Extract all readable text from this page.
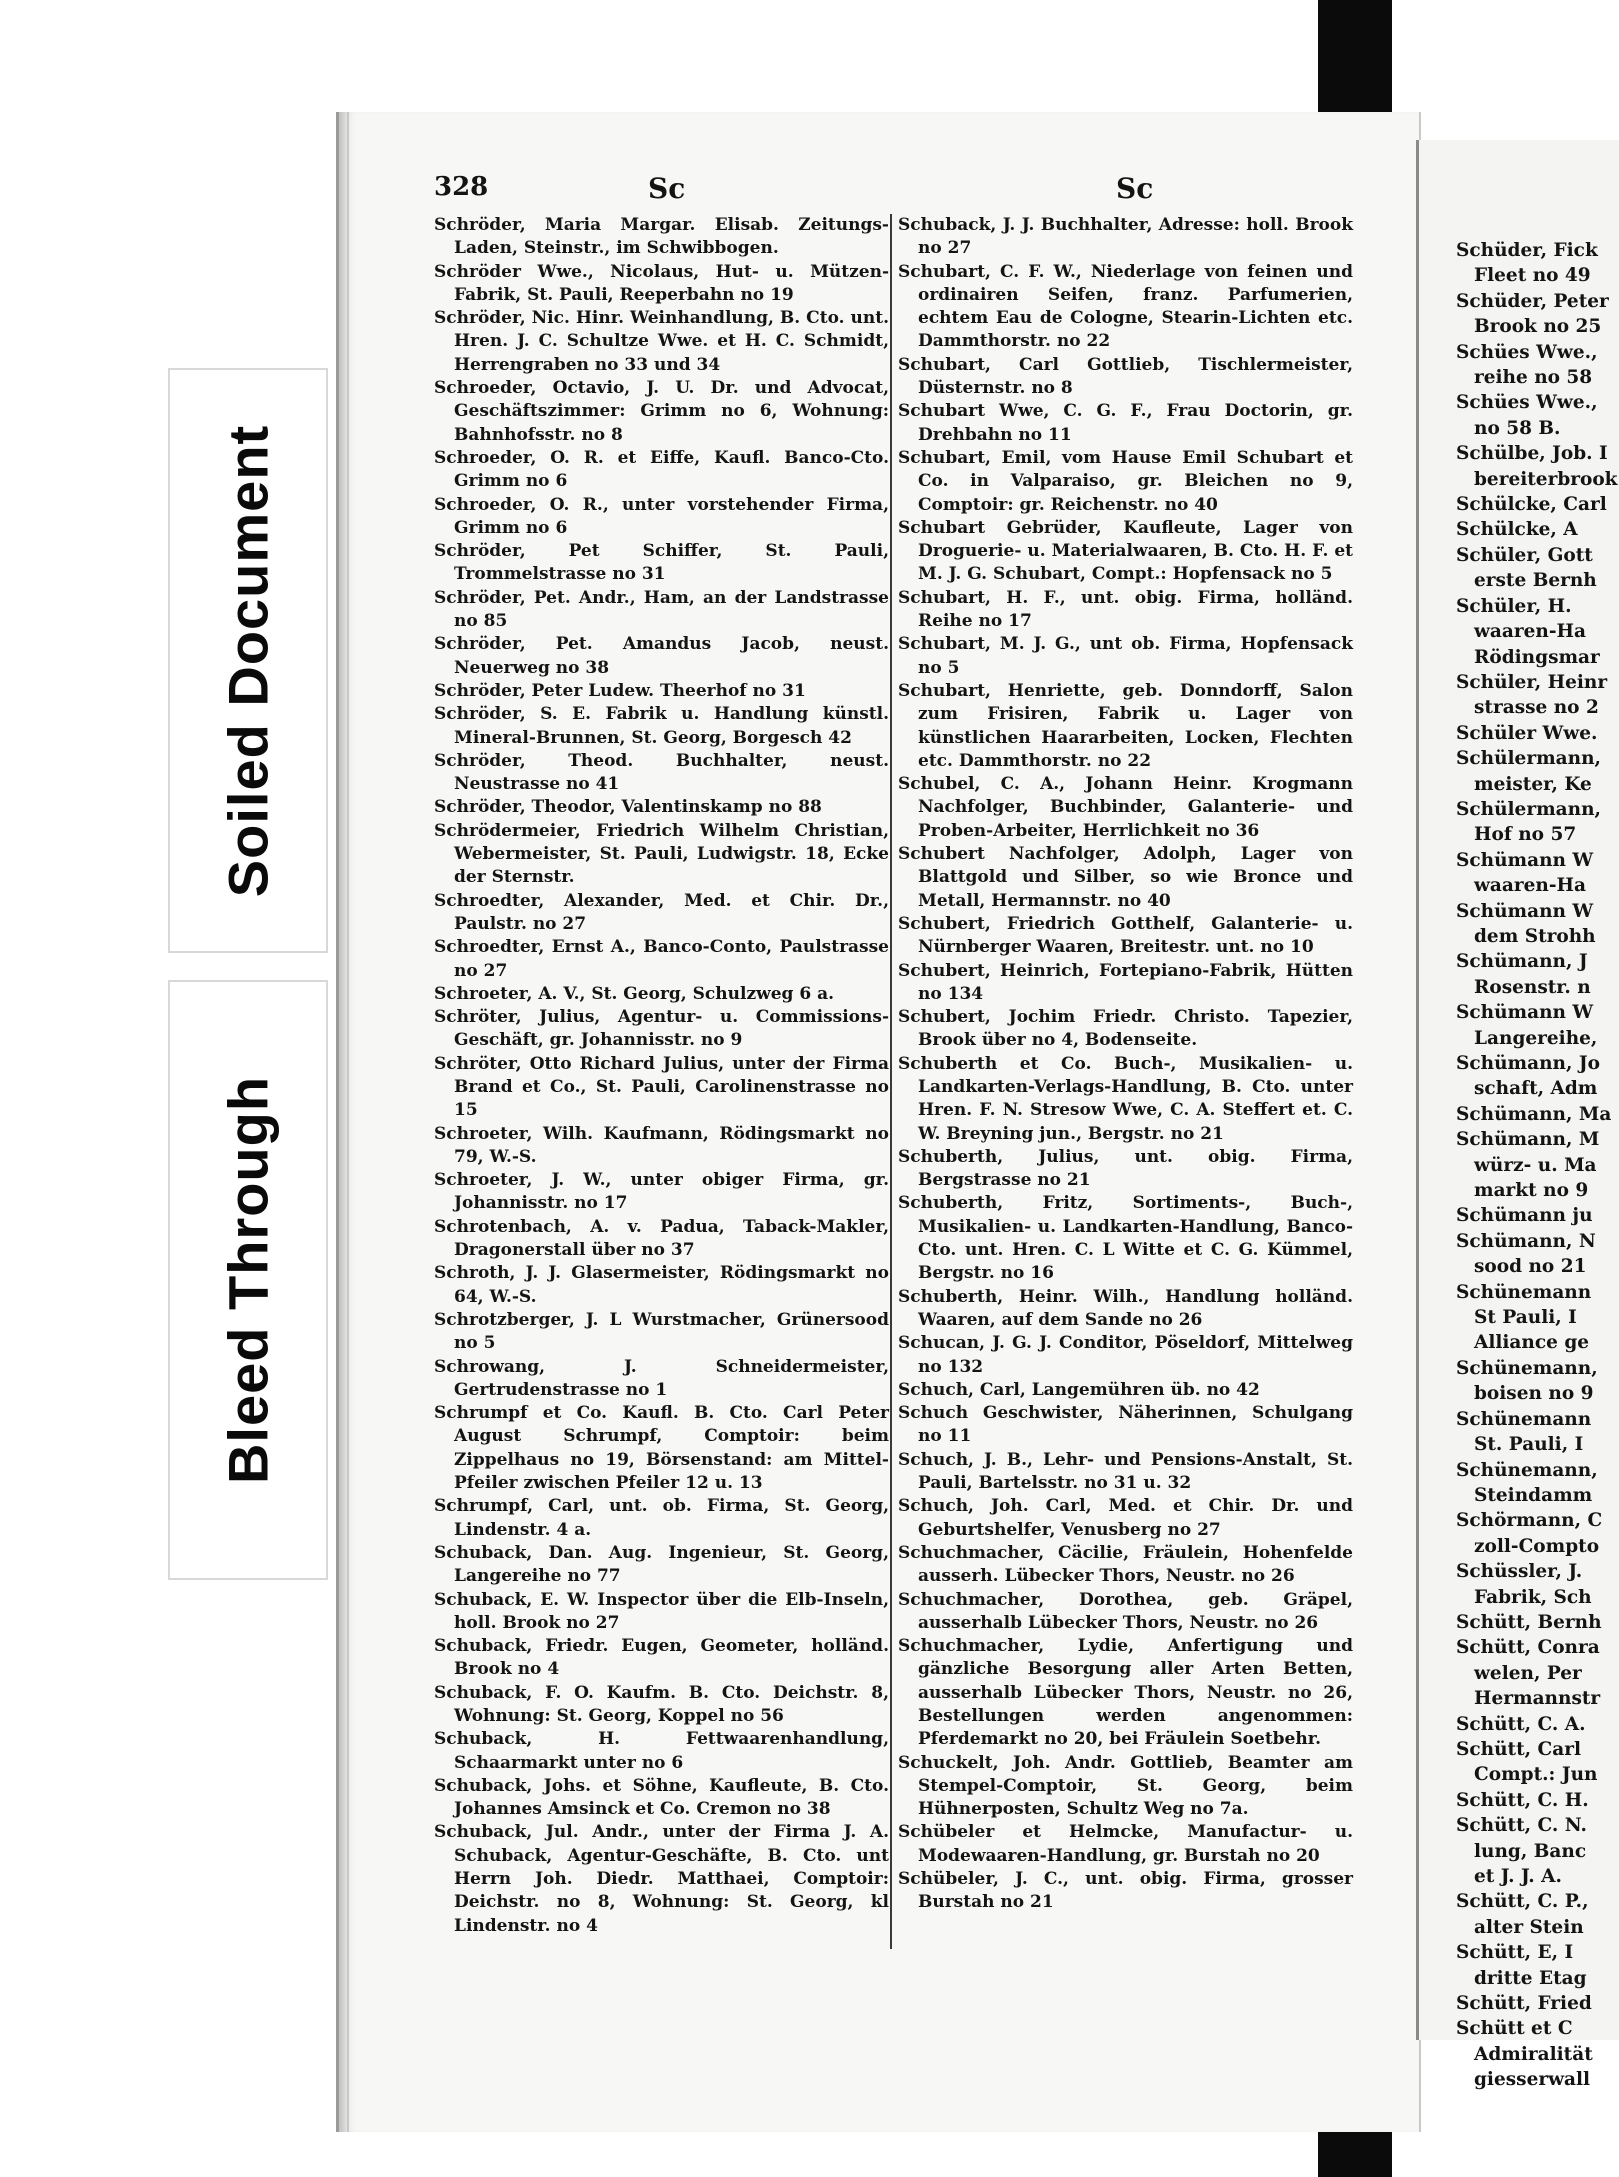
Soiled Document
Bleed Through
328	Sc	Sc

Schröder, Maria Margar. Elisab. Zeitungs-Laden, Steinstr., im Schwibbogen.

Schröder Wwe., Nicolaus, Hut- u. Mützen-Fabrik, St. Pauli, Reeperbahn no 19

Schröder, Nic. Hinr. Weinhandlung, B. Cto. unt. Hren. J. C. Schultze Wwe. et H. C. Schmidt, Herrengraben no 33 und 34

Schroeder, Octavio, J. U. Dr. und Advocat, Geschäftszimmer: Grimm no 6, Wohnung: Bahnhofsstr. no 8

Schroeder, O. R. et Eiffe, Kaufl. Banco-Cto. Grimm no 6

Schroeder, O. R., unter vorstehender Firma, Grimm no 6

Schröder, Pet Schiffer, St. Pauli, Trommelstrasse no 31

Schröder, Pet. Andr., Ham, an der Landstrasse no 85

Schröder, Pet. Amandus Jacob, neust. Neuerweg no 38

Schröder, Peter Ludew. Theerhof no 31

Schröder, S. E. Fabrik u. Handlung künstl. Mineral-Brunnen, St. Georg, Borgesch 42

Schröder, Theod. Buchhalter, neust. Neustrasse no 41

Schröder, Theodor, Valentinskamp no 88

Schrödermeier, Friedrich Wilhelm Christian, Webermeister, St. Pauli, Ludwigstr. 18, Ecke der Sternstr.

Schroedter, Alexander, Med. et Chir. Dr., Paulstr. no 27

Schroedter, Ernst A., Banco-Conto, Paulstrasse no 27

Schroeter, A. V., St. Georg, Schulzweg 6 a.

Schröter, Julius, Agentur- u. Commissions-Geschäft, gr. Johannisstr. no 9

Schröter, Otto Richard Julius, unter der Firma Brand et Co., St. Pauli, Carolinenstrasse no 15

Schroeter, Wilh. Kaufmann, Rödingsmarkt no 79, W.-S.

Schroeter, J. W., unter obiger Firma, gr. Johannisstr. no 17

Schrotenbach, A. v. Padua, Taback-Makler, Dragonerstall über no 37

Schroth, J. J. Glasermeister, Rödingsmarkt no 64, W.-S.

Schrotzberger, J. L Wurstmacher, Grünersood no 5

Schrowang, J. Schneidermeister, Gertrudenstrasse no 1

Schrumpf et Co. Kaufl. B. Cto. Carl Peter August Schrumpf, Comptoir: beim Zippelhaus no 19, Börsenstand: am Mittel-Pfeiler zwischen Pfeiler 12 u. 13

Schrumpf, Carl, unt. ob. Firma, St. Georg, Lindenstr. 4 a.

Schuback, Dan. Aug. Ingenieur, St. Georg, Langereihe no 77

Schuback, E. W. Inspector über die Elb-Inseln, holl. Brook no 27

Schuback, Friedr. Eugen, Geometer, holländ. Brook no 4

Schuback, F. O. Kaufm. B. Cto. Deichstr. 8, Wohnung: St. Georg, Koppel no 56

Schuback, H. Fettwaarenhandlung, Schaarmarkt unter no 6

Schuback, Johs. et Söhne, Kaufleute, B. Cto. Johannes Amsinck et Co. Cremon no 38

Schuback, Jul. Andr., unter der Firma J. A. Schuback, Agentur-Geschäfte, B. Cto. unt Herrn Joh. Diedr. Matthaei, Comptoir: Deichstr. no 8, Wohnung: St. Georg, kl Lindenstr. no 4

Schuback, J. J. Buchhalter, Adresse: holl. Brook no 27

Schubart, C. F. W., Niederlage von feinen und ordinairen Seifen, franz. Parfumerien, echtem Eau de Cologne, Stearin-Lichten etc. Dammthorstr. no 22

Schubart, Carl Gottlieb, Tischlermeister, Düsternstr. no 8

Schubart Wwe, C. G. F., Frau Doctorin, gr. Drehbahn no 11

Schubart, Emil, vom Hause Emil Schubart et Co. in Valparaiso, gr. Bleichen no 9, Comptoir: gr. Reichenstr. no 40

Schubart Gebrüder, Kaufleute, Lager von Droguerie- u. Materialwaaren, B. Cto. H. F. et M. J. G. Schubart, Compt.: Hopfensack no 5

Schubart, H. F., unt. obig. Firma, holländ. Reihe no 17

Schubart, M. J. G., unt ob. Firma, Hopfensack no 5

Schubart, Henriette, geb. Donndorff, Salon zum Frisiren, Fabrik u. Lager von künstlichen Haararbeiten, Locken, Flechten etc. Dammthorstr. no 22

Schubel, C. A., Johann Heinr. Krogmann Nachfolger, Buchbinder, Galanterie- und Proben-Arbeiter, Herrlichkeit no 36

Schubert Nachfolger, Adolph, Lager von Blattgold und Silber, so wie Bronce und Metall, Hermannstr. no 40

Schubert, Friedrich Gotthelf, Galanterie- u. Nürnberger Waaren, Breitestr. unt. no 10

Schubert, Heinrich, Fortepiano-Fabrik, Hütten no 134

Schubert, Jochim Friedr. Christo. Tapezier, Brook über no 4, Bodenseite.

Schuberth et Co. Buch-, Musikalien- u. Landkarten-Verlags-Handlung, B. Cto. unter Hren. F. N. Stresow Wwe, C. A. Steffert et. C. W. Breyning jun., Bergstr. no 21

Schuberth, Julius, unt. obig. Firma, Bergstrasse no 21

Schuberth, Fritz, Sortiments-, Buch-, Musikalien- u. Landkarten-Handlung, Banco-Cto. unt. Hren. C. L Witte et C. G. Kümmel, Bergstr. no 16

Schuberth, Heinr. Wilh., Handlung holländ. Waaren, auf dem Sande no 26

Schucan, J. G. J. Conditor, Pöseldorf, Mittelweg no 132

Schuch, Carl, Langemühren üb. no 42

Schuch Geschwister, Näherinnen, Schulgang no 11

Schuch, J. B., Lehr- und Pensions-Anstalt, St. Pauli, Bartelsstr. no 31 u. 32

Schuch, Joh. Carl, Med. et Chir. Dr. und Geburtshelfer, Venusberg no 27

Schuchmacher, Cäcilie, Fräulein, Hohenfelde ausserh. Lübecker Thors, Neustr. no 26

Schuchmacher, Dorothea, geb. Gräpel, ausserhalb Lübecker Thors, Neustr. no 26

Schuchmacher, Lydie, Anfertigung und gänzliche Besorgung aller Arten Betten, ausserhalb Lübecker Thors, Neustr. no 26, Bestellungen werden angenommen: Pferdemarkt no 20, bei Fräulein Soetbehr.

Schuckelt, Joh. Andr. Gottlieb, Beamter am Stempel-Comptoir, St. Georg, beim Hühnerposten, Schultz Weg no 7a.

Schübeler et Helmcke, Manufactur- u. Modewaaren-Handlung, gr. Burstah no 20

Schübeler, J. C., unt. obig. Firma, grosser Burstah no 21

Schüder, Fick

Fleet no 49

Schüder, Peter

Brook no 25

Schües Wwe.,

reihe no 58

Schües Wwe.,

no 58 B.

Schülbe, Job. I

bereiterbrook

Schülcke, Carl

Schülcke, A

Schüler, Gott

erste Bernh

Schüler, H.

waaren-Ha

Rödingsmar

Schüler, Heinr

strasse no 2

Schüler Wwe.

Schülermann,

meister, Ke

Schülermann,

Hof no 57

Schümann W

waaren-Ha

Schümann W

dem Strohh

Schümann, J

Rosenstr. n

Schümann W

Langereihe,

Schümann, Jo

schaft, Adm

Schümann, Ma

Schümann, M

würz- u. Ma

markt no 9

Schümann ju

Schümann, N

sood no 21

Schünemann

St Pauli, I

Alliance ge

Schünemann,

boisen no 9

Schünemann

St. Pauli, I

Schünemann,

Steindamm

Schörmann, C

zoll-Compto

Schüssler, J.

Fabrik, Sch

Schütt, Bernh

Schütt, Conra

welen, Per

Hermannstr

Schütt, C. A.

Schütt, Carl

Compt.: Jun

Schütt, C. H.

Schütt, C. N.

lung, Banc

et J. J. A.

Schütt, C. P.,

alter Stein

Schütt, E, I

dritte Etag

Schütt, Fried

Schütt et C

Admiralität

giesserwall
